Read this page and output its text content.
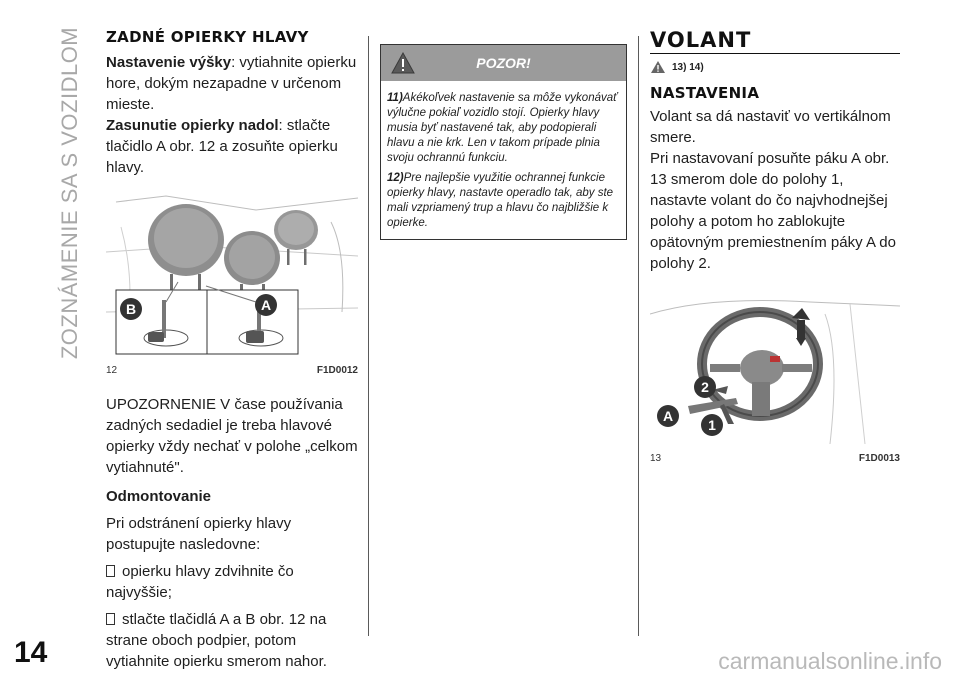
ZOZNÁMENIE SA S VOZIDLOM ZADNÉ OPIERKY HLAVY

Nastavenie výšky: vytiahnite opierku hore, dokým nezapadne v určenom mieste.

Zasunutie opierky nadol: stlačte tlačidlo A obr. 12 a zosuňte opierku hlavy.

B	A
12	F1D0012

UPOZORNENIE V čase používania zadných sedadiel je treba hlavové opierky vždy nechať v polohe „celkom vytiahnuté".

Odmontovanie

Pri odstránení opierky hlavy postupujte nasledovne:

opierku hlavy zdvihnite čo najvyššie;

stlačte tlačidlá A a B obr. 12 na strane oboch podpier, potom vytiahnite opierku smerom nahor.

POZOR!

11)Akékoľvek nastavenie sa môže vykonávať výlučne pokiaľ vozidlo stojí. Opierky hlavy musia byť nastavené tak, aby podopierali hlavu a nie krk. Len v takom prípade plnia svoju ochrannú funkciu.

12)Pre najlepšie využitie ochrannej funkcie opierky hlavy, nastavte operadlo tak, aby ste mali vzpriamený trup a hlavu čo najbližšie k opierke.

VOLANT
13) 14)
NASTAVENIA

Volant sa dá nastaviť vo vertikálnom smere.

Pri nastavovaní posuňte páku A obr. 13 smerom dole do polohy 1, nastavte volant do čo najvhodnejšej polohy a potom ho zablokujte opätovným premiestnením páky A do polohy 2.

2
A
1
13	F1D0013
14	carmanualsonline.info
